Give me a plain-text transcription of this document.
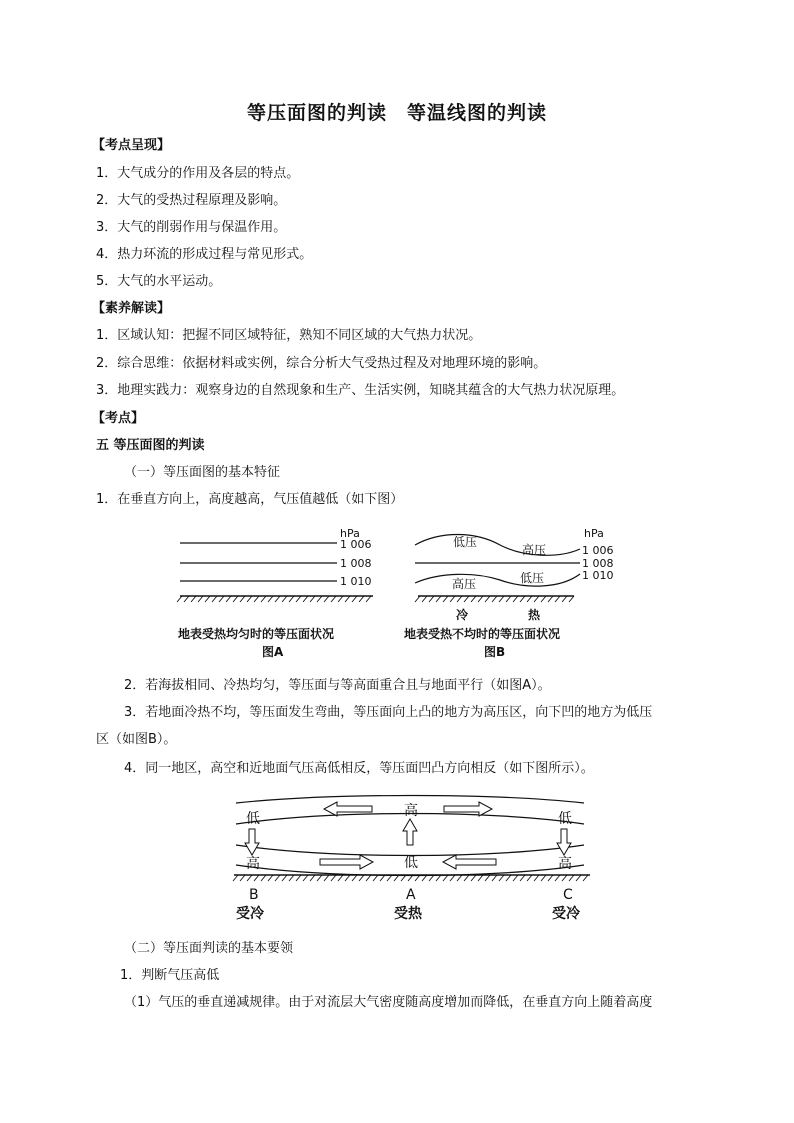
等压面图的判读　等温线图的判读
【考点呈现】
1．大气成分的作用及各层的特点。
2．大气的受热过程原理及影响。
3．大气的削弱作用与保温作用。
4．热力环流的形成过程与常见形式。
5．大气的水平运动。
【素养解读】
1．区域认知：把握不同区域特征，熟知不同区域的大气热力状况。
2．综合思维：依据材料或实例，综合分析大气受热过程及对地理环境的影响。
3．地理实践力：观察身边的自然现象和生产、生活实例，知晓其蕴含的大气热力状况原理。
【考点】
五 等压面图的判读
（一）等压面图的基本特征
1．在垂直方向上，高度越高，气压值越低（如下图）
hPa
1 006
1 008
1 010
地表受热均匀时的等压面状况
图A
hPa
1 006
1 008
1 010
低压
高压
高压	低压
冷	热
地表受热不均时的等压面状况
图B
2．若海拔相同、冷热均匀，等压面与等高面重合且与地面平行（如图A）。
3．若地面冷热不均，等压面发生弯曲，等压面向上凸的地方为高压区，向下凹的地方为低压
区（如图B）。
4．同一地区，高空和近地面气压高低相反，等压面凹凸方向相反（如下图所示）。
高
低	低
高	低	高
B	A	C
受冷	受热	受冷
（二）等压面判读的基本要领
1．判断气压高低
（1）气压的垂直递减规律。由于对流层大气密度随高度增加而降低，在垂直方向上随着高度
